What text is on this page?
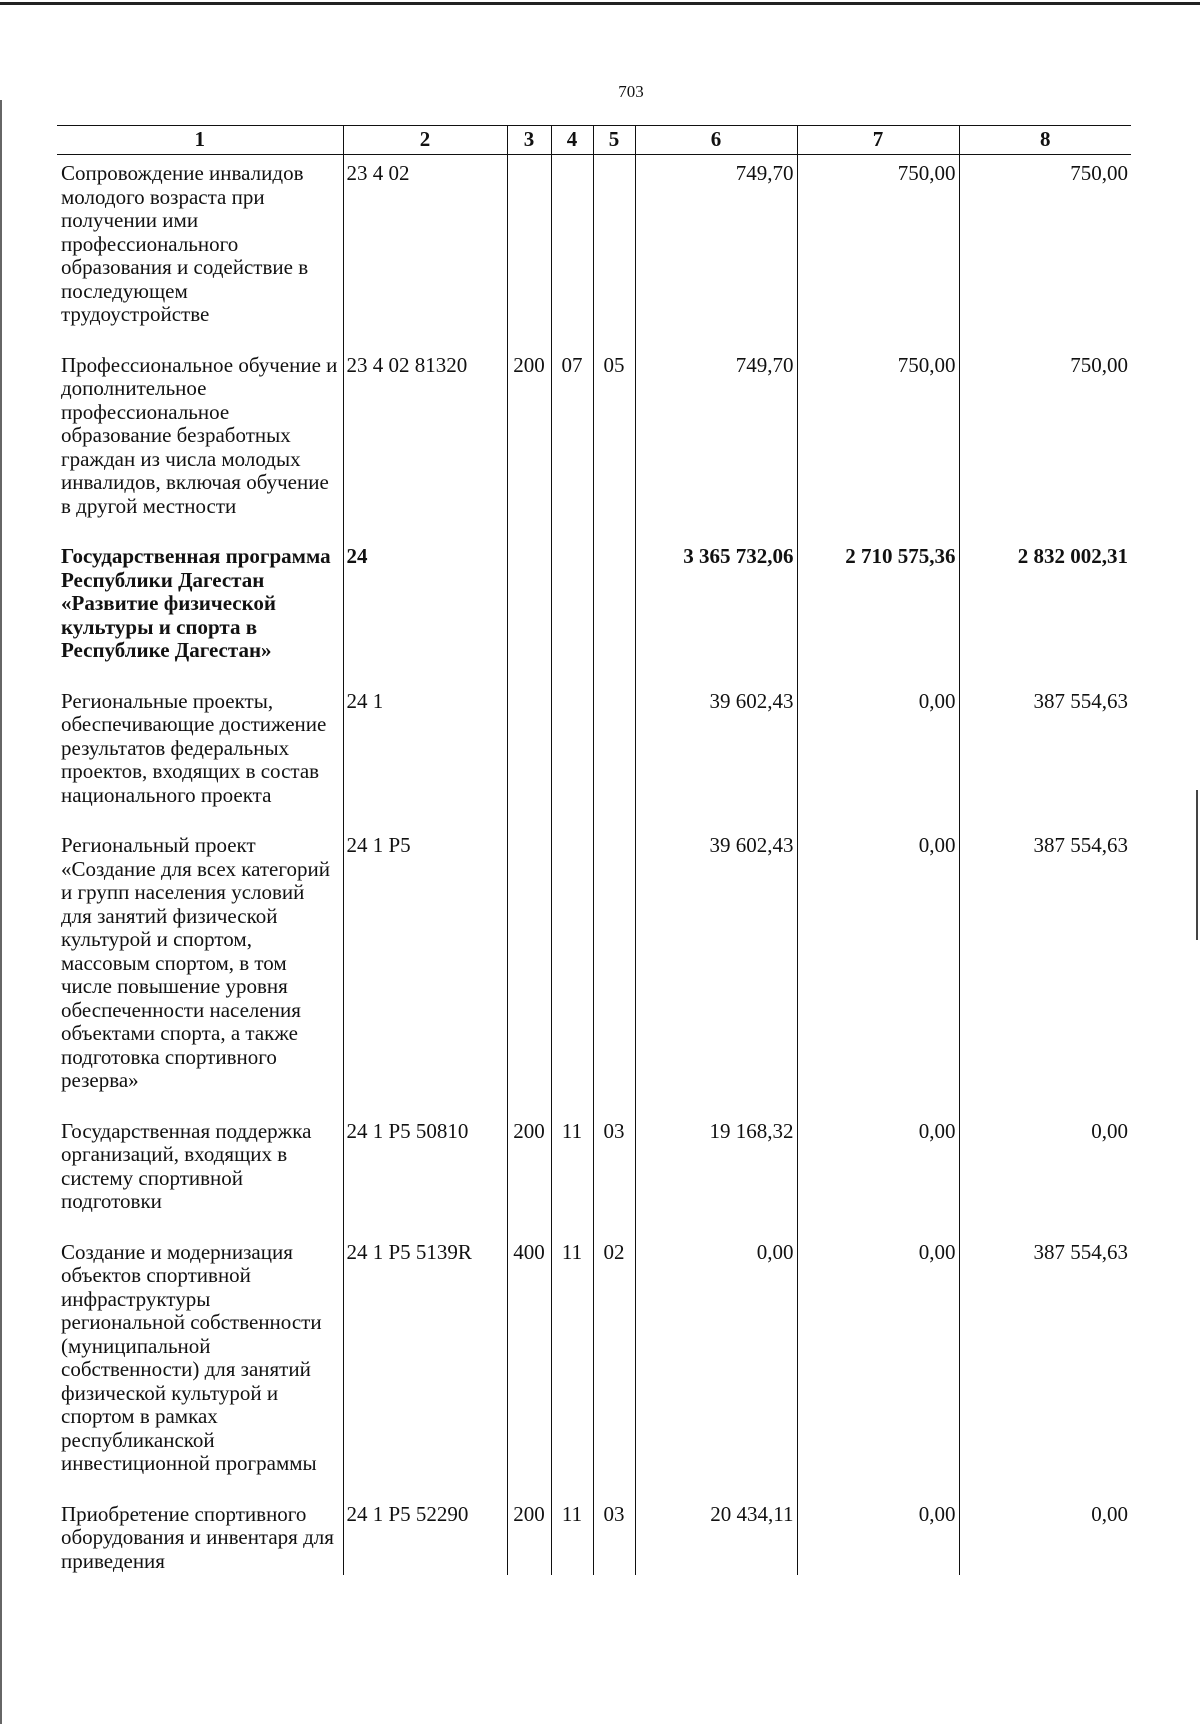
703
1	2	3	4	5	6	7	8
Сопровождение инвалидов молодого возраста при получении ими профессионального образования и содействие в последующем трудоустройстве	23 4 02				749,70	750,00	750,00
Профессиональное обучение и дополнительное профессиональное образование безработных граждан из числа молодых инвалидов, включая обучение в другой местности	23 4 02 81320	200	07	05	749,70	750,00	750,00
Государственная программа Республики Дагестан «Развитие физической культуры и спорта в Республике Дагестан»	24				3 365 732,06	2 710 575,36	2 832 002,31
Региональные проекты, обеспечивающие достижение результатов федеральных проектов, входящих в состав национального проекта	24 1				39 602,43	0,00	387 554,63
Региональный проект «Создание для всех категорий и групп населения условий для занятий физической культурой и спортом, массовым спортом, в том числе повышение уровня обеспеченности населения объектами спорта, а также подготовка спортивного резерва»	24 1 P5				39 602,43	0,00	387 554,63
Государственная поддержка организаций, входящих в систему спортивной подготовки	24 1 P5 50810	200	11	03	19 168,32	0,00	0,00
Создание и модернизация объектов спортивной инфраструктуры региональной собственности (муниципальной собственности) для занятий физической культурой и спортом в рамках республиканской инвестиционной программы	24 1 P5 5139R	400	11	02	0,00	0,00	387 554,63
Приобретение спортивного оборудования и инвентаря для приведения	24 1 P5 52290	200	11	03	20 434,11	0,00	0,00
